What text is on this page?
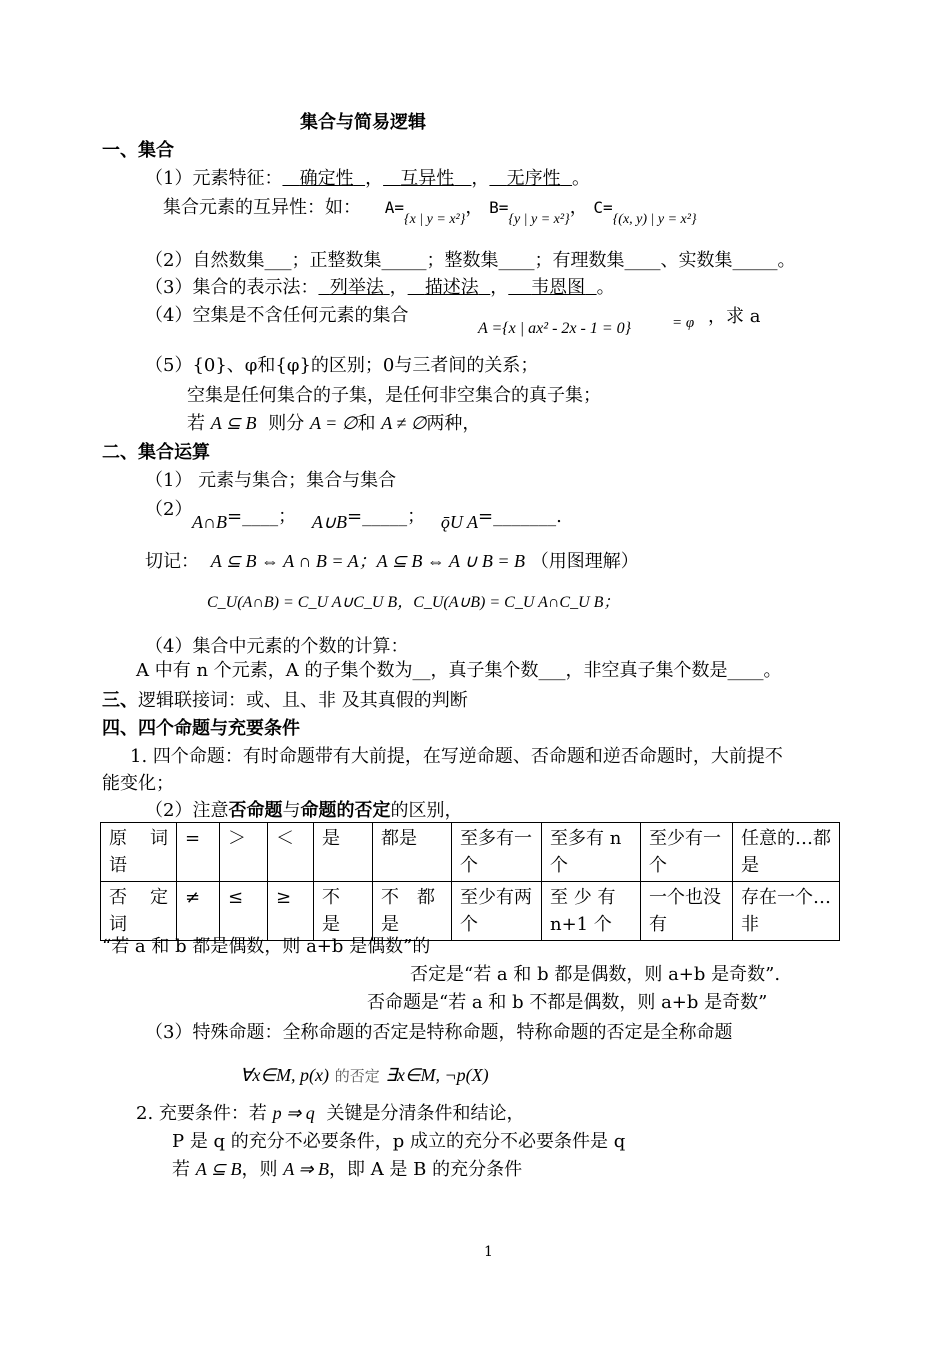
集合与简易逻辑
一、集合
（1）元素特征： 确定性 ， 互异性 ， 无序性 。
集合元素的互异性：如： $A=_{\{x | y = x^2\}}$， $B=_{\{y | y = x^2\}}$， $C=_{\{(x, y) | y = x^2\}}$
（2）自然数集___；正整数集_____；整数集____；有理数集____、实数集_____。
（3）集合的表示法： 列举法 ， 描述法 ， 韦恩图 。
（4）空集是不含任何元素的集合
A ={x | ax² - 2x - 1 = 0}	= φ ，求 a
（5）{0}、φ和{φ}的区别；0与三者间的关系；
空集是任何集合的子集，是任何非空集合的真子集；
若 A ⊆ B 则分 A = ∅和 A ≠ ∅两种，
二、集合运算
（1） 元素与集合；集合与集合
（2）
A∩B=____； A∪B=_____； ǭU A=_______.
切记： A ⊆ B ⇔ A ∩ B = A；A ⊆ B ⇔ A ∪ B = B （用图理解）
C_U(A∩B) = C_U A∪C_U B，C_U(A∪B) = C_U A∩C_U B；
（4）集合中元素的个数的计算：
A 中有 n 个元素，A 的子集个数为__，真子集个数___，非空真子集个数是____。
三、逻辑联接词：或、且、非 及其真假的判断
四、四个命题与充要条件
1. 四个命题：有时命题带有大前提，在写逆命题、否命题和逆否命题时，大前提不
能变化；
（2）注意否命题与命题的否定的区别，
原　词　语	=	＞	＜	是	都是	至多有一个	至多有 n 个	至少有一个	任意的…都是
否　定　词	≠	≤	≥	不　是	不　都　是	至少有两个	至 少 有 n+1 个	一个也没有	存在一个…非
“若 a 和 b 都是偶数，则 a+b 是偶数”的
否定是“若 a 和 b 都是偶数，则 a+b 是奇数”.
否命题是“若 a 和 b 不都是偶数，则 a+b 是奇数”
（3）特殊命题：全称命题的否定是特称命题，特称命题的否定是全称命题
∀x∈M, p(x) 的否定 ∃x∈M, ¬p(X)
2. 充要条件：若 p ⇒ q 关键是分清条件和结论，
P 是 q 的充分不必要条件，p 成立的充分不必要条件是 q
若 A ⊆ B，则 A ⇒ B，即 A 是 B 的充分条件
1
